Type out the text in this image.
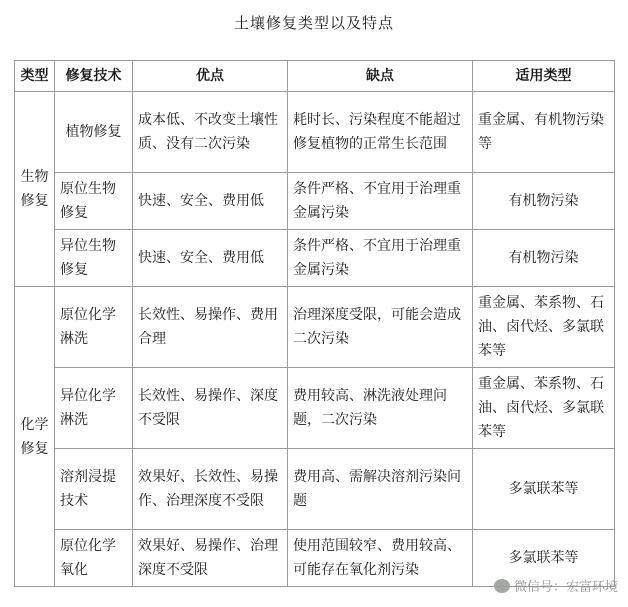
土壤修复类型以及特点
类型	修复技术	优点	缺点	适用类型
生物修复	植物修复	成本低、不改变土壤性质、没有二次污染	耗时长、污染程度不能超过修复植物的正常生长范围	重金属、有机物污染等
	原位生物修复	快速、安全、费用低	条件严格、不宜用于治理重金属污染	有机物污染
	异位生物修复	快速、安全、费用低	条件严格、不宜用于治理重金属污染	有机物污染
化学修复	原位化学淋洗	长效性、易操作、费用合理	治理深度受限，可能会造成二次污染	重金属、苯系物、石油、卤代烃、多氯联苯等
	异位化学淋洗	长效性、易操作、深度不受限	费用较高、淋洗液处理问题，二次污染	重金属、苯系物、石油、卤代烃、多氯联苯等
	溶剂浸提技术	效果好、长效性、易操作、治理深度不受限	费用高、需解决溶剂污染问题	多氯联苯等
	原位化学氧化	效果好、易操作、治理深度不受限	使用范围较窄、费用较高、可能存在氧化剂污染	多氯联苯等
微信号：宏富环境
